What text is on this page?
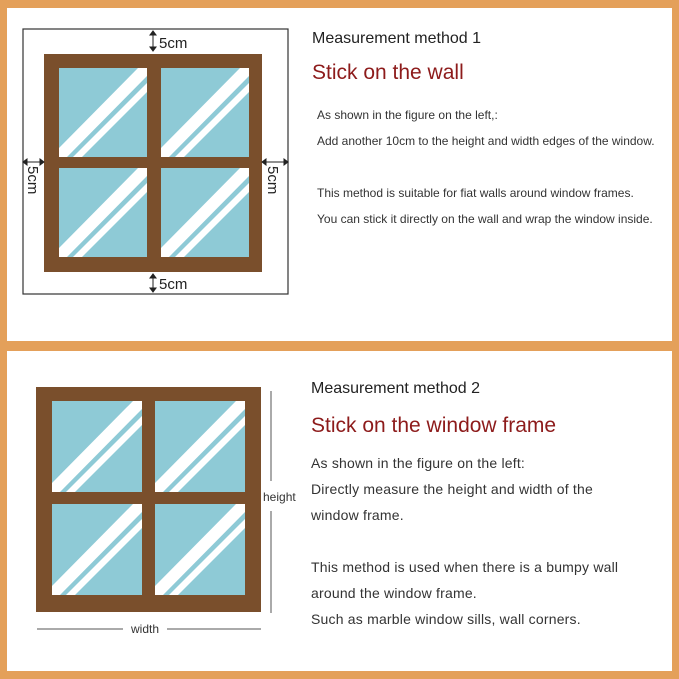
5cm
5cm
5cm	5cm
Measurement method 1
Stick on the wall
As shown in the figure on the left,:
Add another 10cm to the height and width edges of the window.
This method is suitable for fiat walls around window frames.
You can stick it directly on the wall and wrap the window inside.
height
width
Measurement method 2
Stick on the window frame
As shown in the figure on the left:
Directly measure the height and width of the
window frame.
This method is used when there is a bumpy wall
around the window frame.
Such as marble window sills, wall corners.
